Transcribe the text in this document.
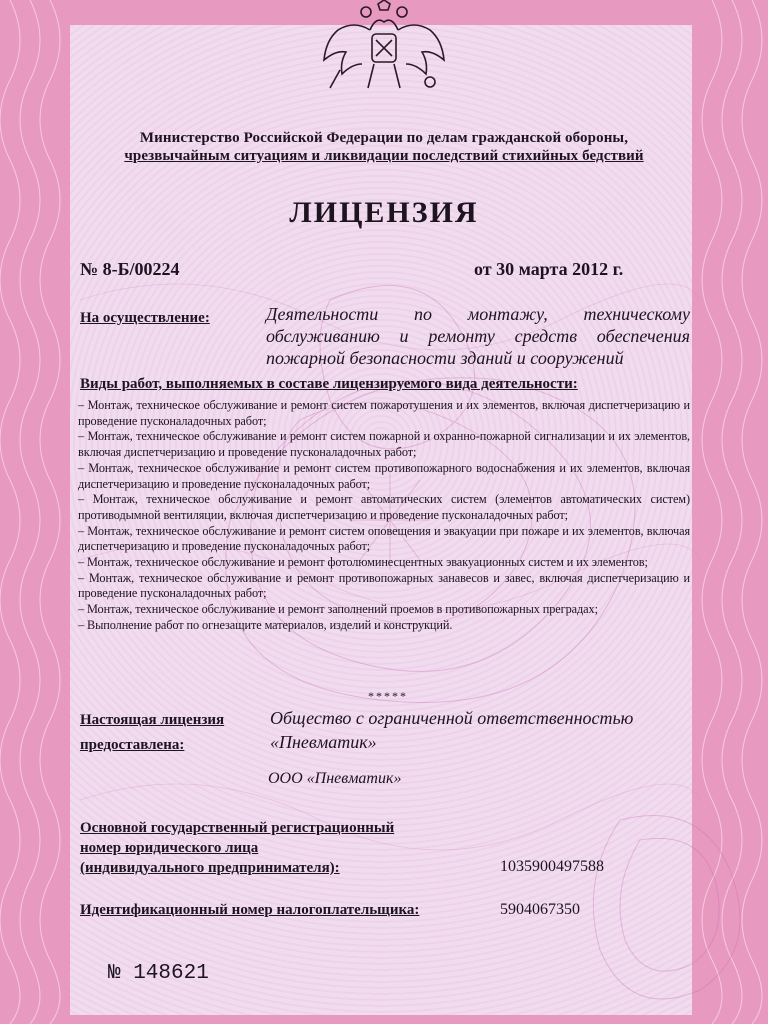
Министерство Российской Федерации по делам гражданской обороны,
чрезвычайным ситуациям и ликвидации последствий стихийных бедствий
ЛИЦЕНЗИЯ
№ 8-Б/00224	от 30 марта 2012 г.
На осуществление:	Деятельности по монтажу, техническому
обслуживанию и ремонту средств обеспечения
пожарной безопасности зданий и сооружений
Виды работ, выполняемых в составе лицензируемого вида деятельности:
– Монтаж, техническое обслуживание и ремонт систем пожаротушения и их элементов, включая диспетчеризацию и проведение пусконаладочных работ;
– Монтаж, техническое обслуживание и ремонт систем пожарной и охранно-пожарной сигнализации и их элементов, включая диспетчеризацию и проведение пусконаладочных работ;
– Монтаж, техническое обслуживание и ремонт систем противопожарного водоснабжения и их элементов, включая диспетчеризацию и проведение пусконаладочных работ;
– Монтаж, техническое обслуживание и ремонт автоматических систем (элементов автоматических систем) противодымной вентиляции, включая диспетчеризацию и проведение пусконаладочных работ;
– Монтаж, техническое обслуживание и ремонт систем оповещения и эвакуации при пожаре и их элементов, включая диспетчеризацию и проведение пусконаладочных работ;
– Монтаж, техническое обслуживание и ремонт фотолюминесцентных эвакуационных систем и их элементов;
– Монтаж, техническое обслуживание и ремонт противопожарных занавесов и завес, включая диспетчеризацию и проведение пусконаладочных работ;
– Монтаж, техническое обслуживание и ремонт заполнений проемов в противопожарных преградах;
– Выполнение работ по огнезащите материалов, изделий и конструкций.
*****
Настоящая лицензия
предоставлена:
Общество с ограниченной ответственностью
«Пневматик»
ООО «Пневматик»
Основной государственный регистрационный
номер юридического лица
(индивидуального предпринимателя):	1035900497588
Идентификационный номер налогоплательщика:	5904067350
№ 148621
